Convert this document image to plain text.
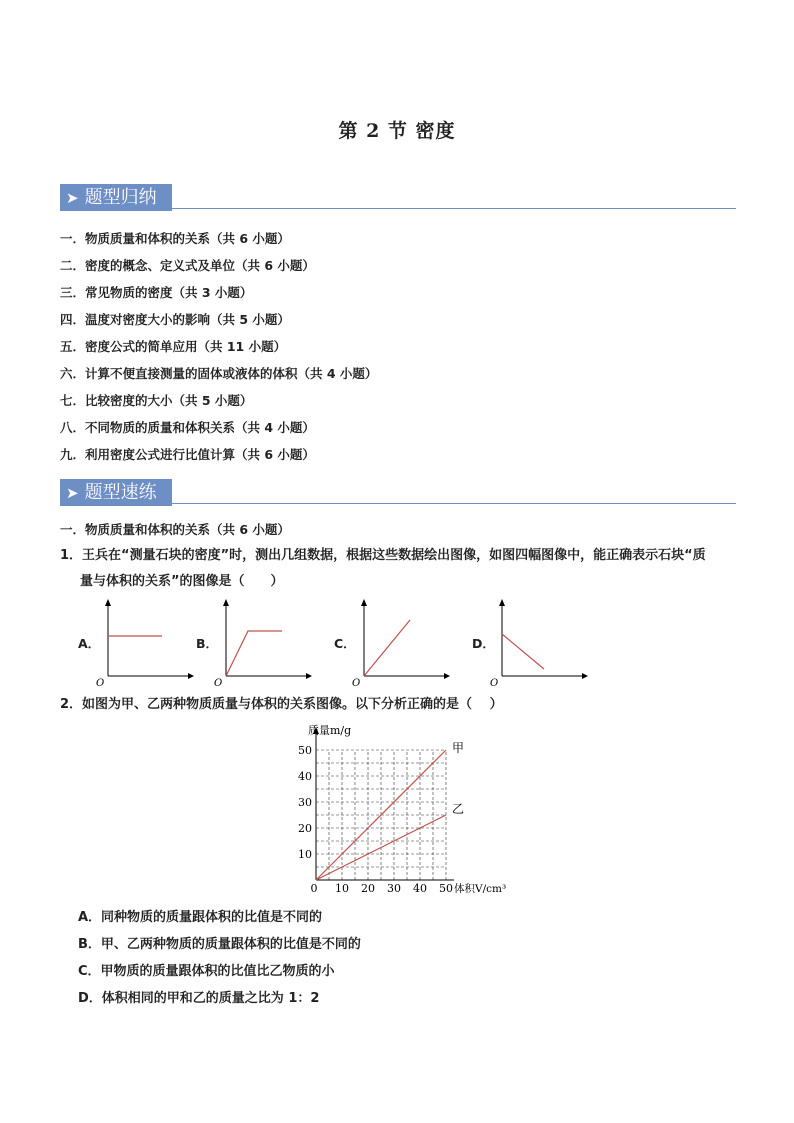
第 2 节 密度
➤ 题型归纳
一．物质质量和体积的关系（共 6 小题）
二．密度的概念、定义式及单位（共 6 小题）
三．常见物质的密度（共 3 小题）
四．温度对密度大小的影响（共 5 小题）
五．密度公式的简单应用（共 11 小题）
六．计算不便直接测量的固体或液体的体积（共 4 小题）
七．比较密度的大小（共 5 小题）
八．不同物质的质量和体积关系（共 4 小题）
九．利用密度公式进行比值计算（共 6 小题）
➤ 题型速练
一．物质质量和体积的关系（共 6 小题）
1．王兵在“测量石块的密度”时，测出几组数据，根据这些数据绘出图像，如图四幅图像中，能正确表示石块“质
量与体积的关系”的图像是（　　）
A．
O
B．
O
C．
O
D．
O
2．如图为甲、乙两种物质质量与体积的关系图像。以下分析正确的是（　 ）
10 20 30 40 50
10
20
30
40
50
0
质量m/g
体积V/cm³
甲
乙
A．同种物质的质量跟体积的比值是不同的
B．甲、乙两种物质的质量跟体积的比值是不同的
C．甲物质的质量跟体积的比值比乙物质的小
D．体积相同的甲和乙的质量之比为 1：2
